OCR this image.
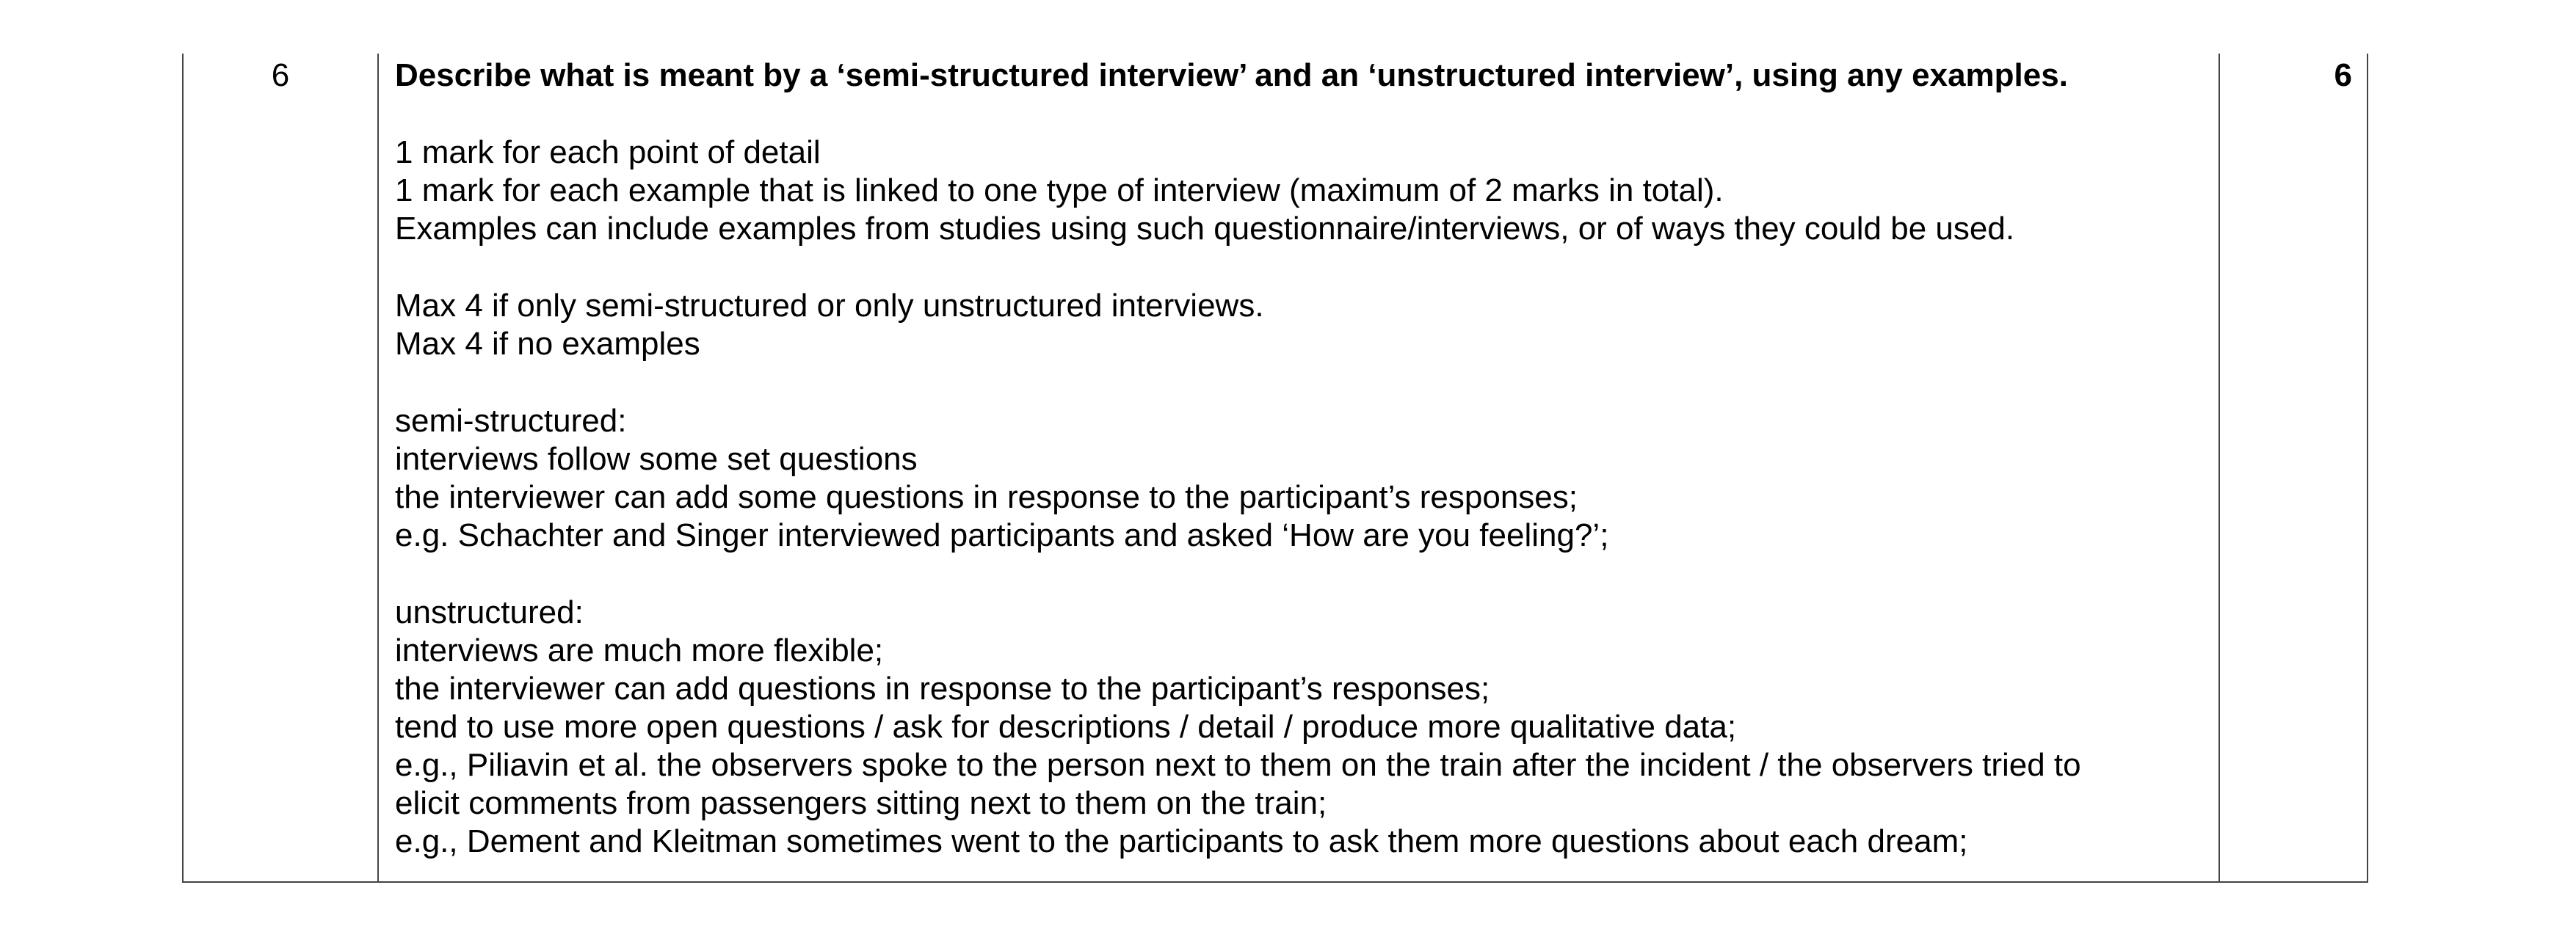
6	Describe what is meant by a ‘semi-structured interview’ and an ‘unstructured interview’, using any examples.
1 mark for each point of detail
1 mark for each example that is linked to one type of interview (maximum of 2 marks in total).
Examples can include examples from studies using such questionnaire/interviews, or of ways they could be used.
Max 4 if only semi-structured or only unstructured interviews.
Max 4 if no examples
semi-structured:
interviews follow some set questions
the interviewer can add some questions in response to the participant’s responses;
e.g. Schachter and Singer interviewed participants and asked ‘How are you feeling?’;
unstructured:
interviews are much more flexible;
the interviewer can add questions in response to the participant’s responses;
tend to use more open questions / ask for descriptions / detail / produce more qualitative data;
e.g., Piliavin et al. the observers spoke to the person next to them on the train after the incident / the observers tried to
elicit comments from passengers sitting next to them on the train;
e.g., Dement and Kleitman sometimes went to the participants to ask them more questions about each dream;
6
